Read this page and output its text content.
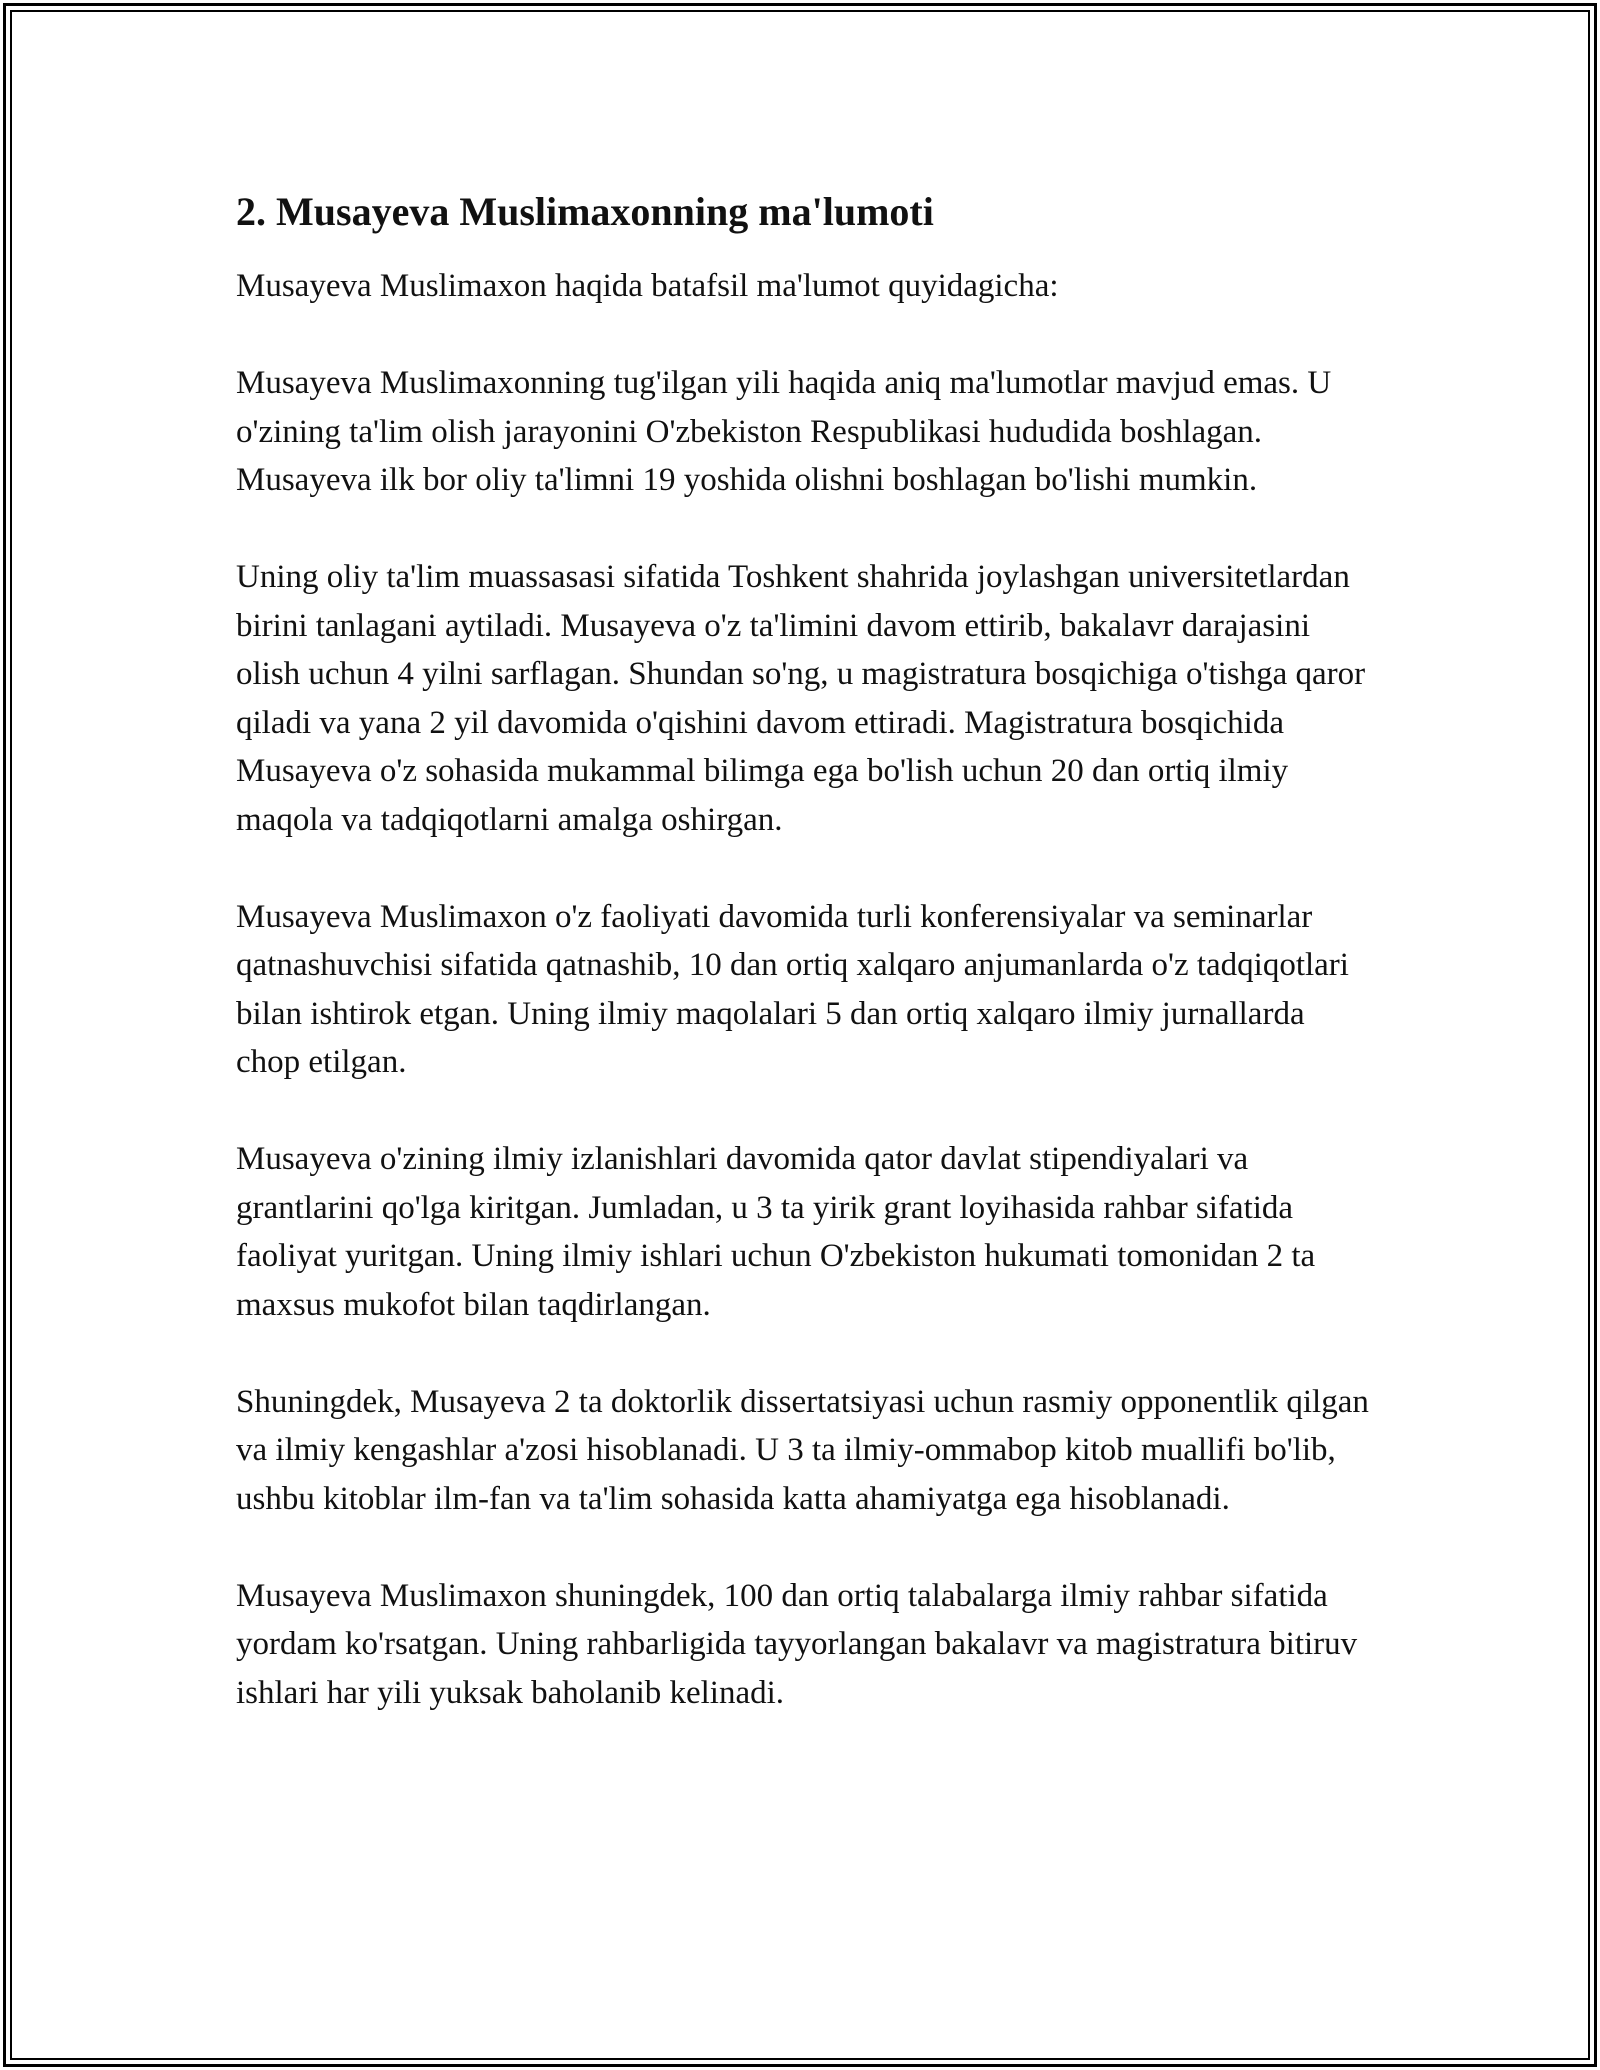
2. Musayeva Muslimaxonning ma'lumoti

Musayeva Muslimaxon haqida batafsil ma'lumot quyidagicha:

Musayeva Muslimaxonning tug'ilgan yili haqida aniq ma'lumotlar mavjud emas. U o'zining ta'lim olish jarayonini O'zbekiston Respublikasi hududida boshlagan. Musayeva ilk bor oliy ta'limni 19 yoshida olishni boshlagan bo'lishi mumkin.

Uning oliy ta'lim muassasasi sifatida Toshkent shahrida joylashgan universitetlardan birini tanlagani aytiladi. Musayeva o'z ta'limini davom ettirib, bakalavr darajasini olish uchun 4 yilni sarflagan. Shundan so'ng, u magistratura bosqichiga o'tishga qaror qiladi va yana 2 yil davomida o'qishini davom ettiradi. Magistratura bosqichida Musayeva o'z sohasida mukammal bilimga ega bo'lish uchun 20 dan ortiq ilmiy maqola va tadqiqotlarni amalga oshirgan.

Musayeva Muslimaxon o'z faoliyati davomida turli konferensiyalar va seminarlar qatnashuvchisi sifatida qatnashib, 10 dan ortiq xalqaro anjumanlarda o'z tadqiqotlari bilan ishtirok etgan. Uning ilmiy maqolalari 5 dan ortiq xalqaro ilmiy jurnallarda chop etilgan.

Musayeva o'zining ilmiy izlanishlari davomida qator davlat stipendiyalari va grantlarini qo'lga kiritgan. Jumladan, u 3 ta yirik grant loyihasida rahbar sifatida faoliyat yuritgan. Uning ilmiy ishlari uchun O'zbekiston hukumati tomonidan 2 ta maxsus mukofot bilan taqdirlangan.

Shuningdek, Musayeva 2 ta doktorlik dissertatsiyasi uchun rasmiy opponentlik qilgan va ilmiy kengashlar a'zosi hisoblanadi. U 3 ta ilmiy-ommabop kitob muallifi bo'lib, ushbu kitoblar ilm-fan va ta'lim sohasida katta ahamiyatga ega hisoblanadi.

Musayeva Muslimaxon shuningdek, 100 dan ortiq talabalarga ilmiy rahbar sifatida yordam ko'rsatgan. Uning rahbarligida tayyorlangan bakalavr va magistratura bitiruv ishlari har yili yuksak baholanib kelinadi.
